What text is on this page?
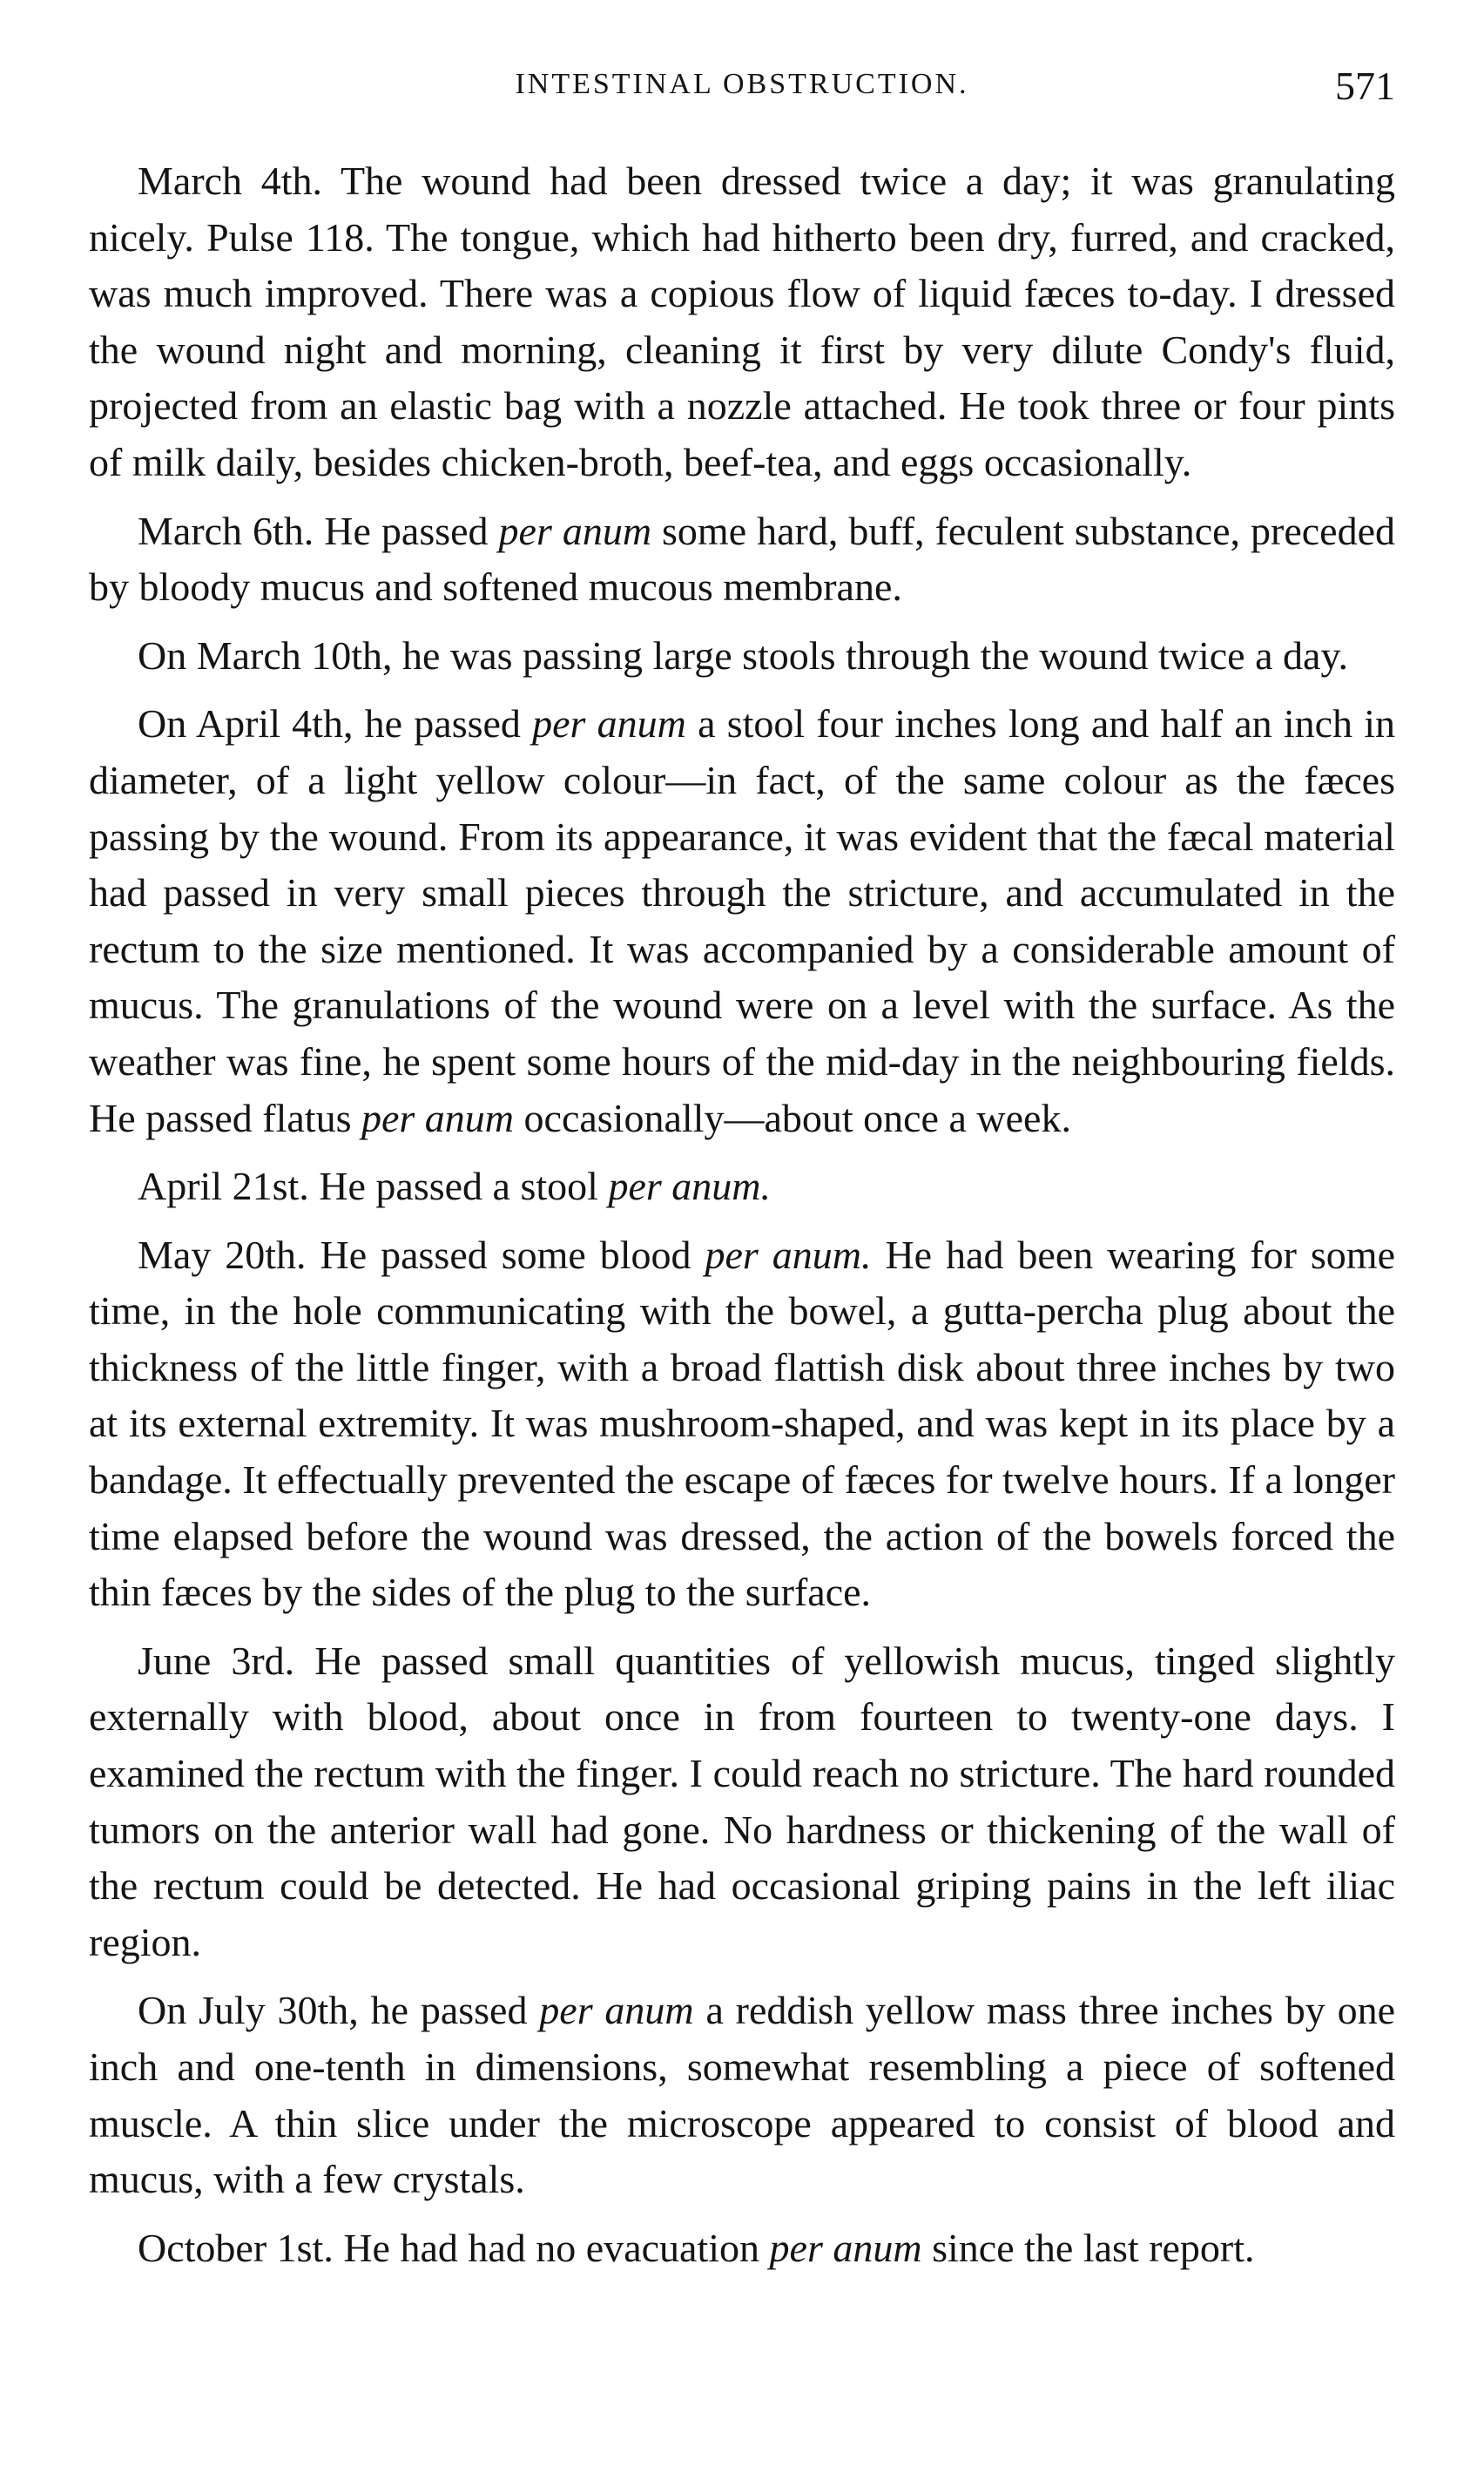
INTESTINAL OBSTRUCTION.	571

March 4th. The wound had been dressed twice a day; it was granulating nicely. Pulse 118. The tongue, which had hitherto been dry, furred, and cracked, was much improved. There was a copious flow of liquid fæces to-day. I dressed the wound night and morning, cleaning it first by very dilute Condy's fluid, projected from an elastic bag with a nozzle attached. He took three or four pints of milk daily, besides chicken-broth, beef-tea, and eggs occasionally.

March 6th. He passed per anum some hard, buff, feculent substance, preceded by bloody mucus and softened mucous membrane.

On March 10th, he was passing large stools through the wound twice a day.

On April 4th, he passed per anum a stool four inches long and half an inch in diameter, of a light yellow colour—in fact, of the same colour as the fæces passing by the wound. From its appearance, it was evident that the fæcal material had passed in very small pieces through the stricture, and accumulated in the rectum to the size mentioned. It was accompanied by a considerable amount of mucus. The granulations of the wound were on a level with the surface. As the weather was fine, he spent some hours of the mid-day in the neighbouring fields. He passed flatus per anum occasionally—about once a week.

April 21st. He passed a stool per anum.

May 20th. He passed some blood per anum. He had been wearing for some time, in the hole communicating with the bowel, a gutta-percha plug about the thickness of the little finger, with a broad flattish disk about three inches by two at its external extremity. It was mushroom-shaped, and was kept in its place by a bandage. It effectually prevented the escape of fæces for twelve hours. If a longer time elapsed before the wound was dressed, the action of the bowels forced the thin fæces by the sides of the plug to the surface.

June 3rd. He passed small quantities of yellowish mucus, tinged slightly externally with blood, about once in from fourteen to twenty-one days. I examined the rectum with the finger. I could reach no stricture. The hard rounded tumors on the anterior wall had gone. No hardness or thickening of the wall of the rectum could be detected. He had occasional griping pains in the left iliac region.

On July 30th, he passed per anum a reddish yellow mass three inches by one inch and one-tenth in dimensions, somewhat resembling a piece of softened muscle. A thin slice under the microscope appeared to consist of blood and mucus, with a few crystals.

October 1st. He had had no evacuation per anum since the last report.
